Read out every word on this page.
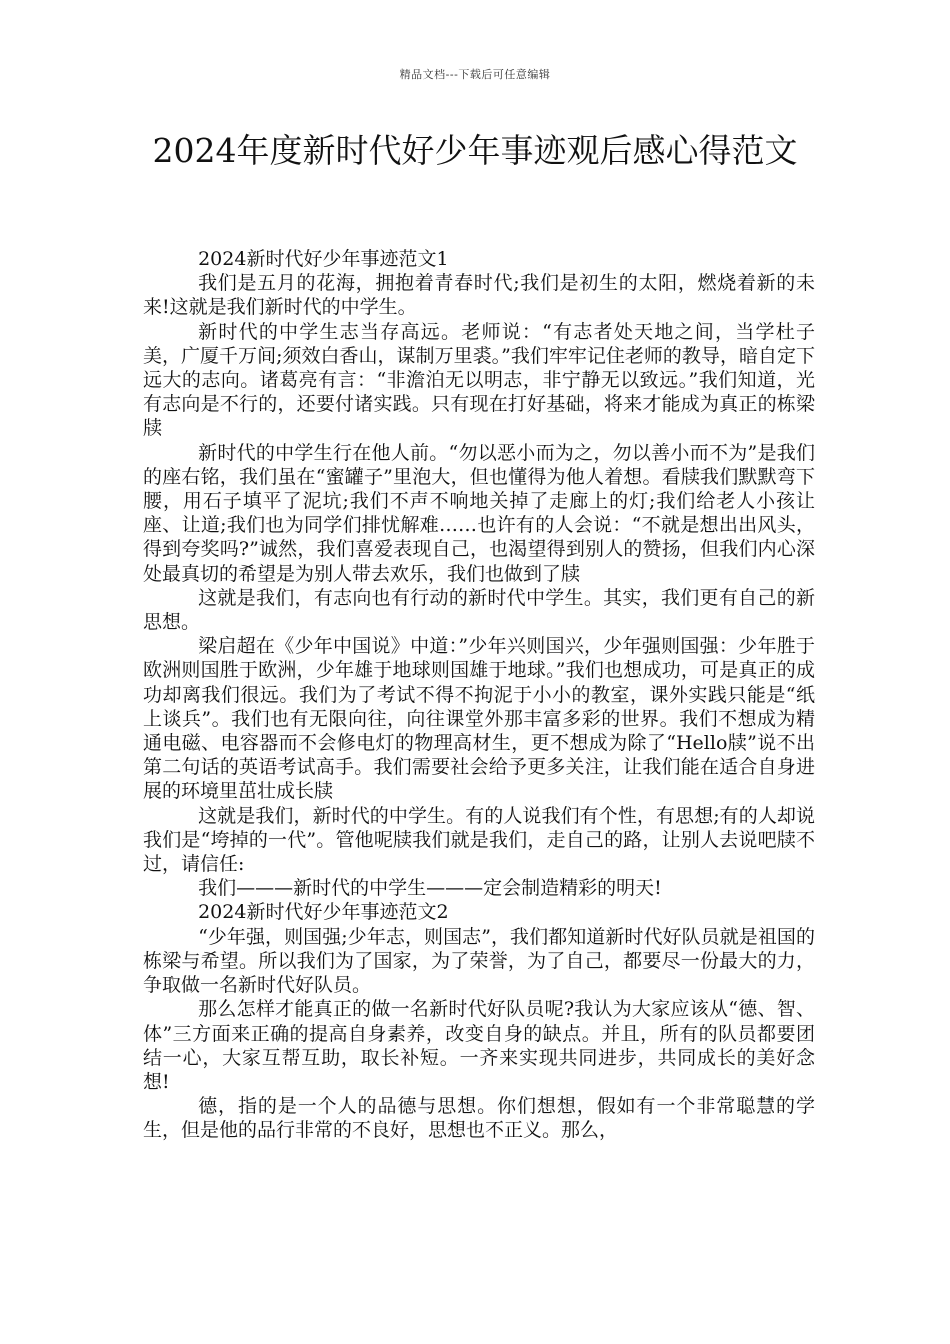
精品文档---下载后可任意编辑
2024年度新时代好少年事迹观后感心得范文

2024新时代好少年事迹范文1

我们是五月的花海，拥抱着青春时代;我们是初生的太阳，燃烧着新的未来!这就是我们新时代的中学生。

新时代的中学生志当存高远。老师说：“有志者处天地之间，当学杜子美，广厦千万间;须效白香山，谋制万里裘。”我们牢牢记住老师的教导，暗自定下远大的志向。诸葛亮有言：“非澹泊无以明志，非宁静无以致远。”我们知道，光有志向是不行的，还要付诸实践。只有现在打好基础，将来才能成为真正的栋梁牍

新时代的中学生行在他人前。“勿以恶小而为之，勿以善小而不为”是我们的座右铭，我们虽在“蜜罐子”里泡大，但也懂得为他人着想。看牍我们默默弯下腰，用石子填平了泥坑;我们不声不响地关掉了走廊上的灯;我们给老人小孩让座、让道;我们也为同学们排忧解难……也许有的人会说：“不就是想出出风头，得到夸奖吗?”诚然，我们喜爱表现自己，也渴望得到别人的赞扬，但我们内心深处最真切的希望是为别人带去欢乐，我们也做到了牍

这就是我们，有志向也有行动的新时代中学生。其实，我们更有自己的新思想。

梁启超在《少年中国说》中道：”少年兴则国兴，少年强则国强：少年胜于欧洲则国胜于欧洲，少年雄于地球则国雄于地球。”我们也想成功，可是真正的成功却离我们很远。我们为了考试不得不拘泥于小小的教室，课外实践只能是“纸上谈兵”。我们也有无限向往，向往课堂外那丰富多彩的世界。我们不想成为精通电磁、电容器而不会修电灯的物理高材生，更不想成为除了“Hello牍”说不出第二句话的英语考试高手。我们需要社会给予更多关注，让我们能在适合自身进展的环境里茁壮成长牍

这就是我们，新时代的中学生。有的人说我们有个性，有思想;有的人却说我们是“垮掉的一代”。管他呢牍我们就是我们，走自己的路，让别人去说吧牍不过，请信任:

我们———新时代的中学生———定会制造精彩的明天!

2024新时代好少年事迹范文2

“少年强，则国强;少年志，则国志”，我们都知道新时代好队员就是祖国的栋梁与希望。所以我们为了国家，为了荣誉，为了自己，都要尽一份最大的力，争取做一名新时代好队员。

那么怎样才能真正的做一名新时代好队员呢?我认为大家应该从“德、智、体”三方面来正确的提高自身素养，改变自身的缺点。并且，所有的队员都要团结一心，大家互帮互助，取长补短。一齐来实现共同进步，共同成长的美好念想!

德，指的是一个人的品德与思想。你们想想，假如有一个非常聪慧的学生，但是他的品行非常的不良好，思想也不正义。那么，
